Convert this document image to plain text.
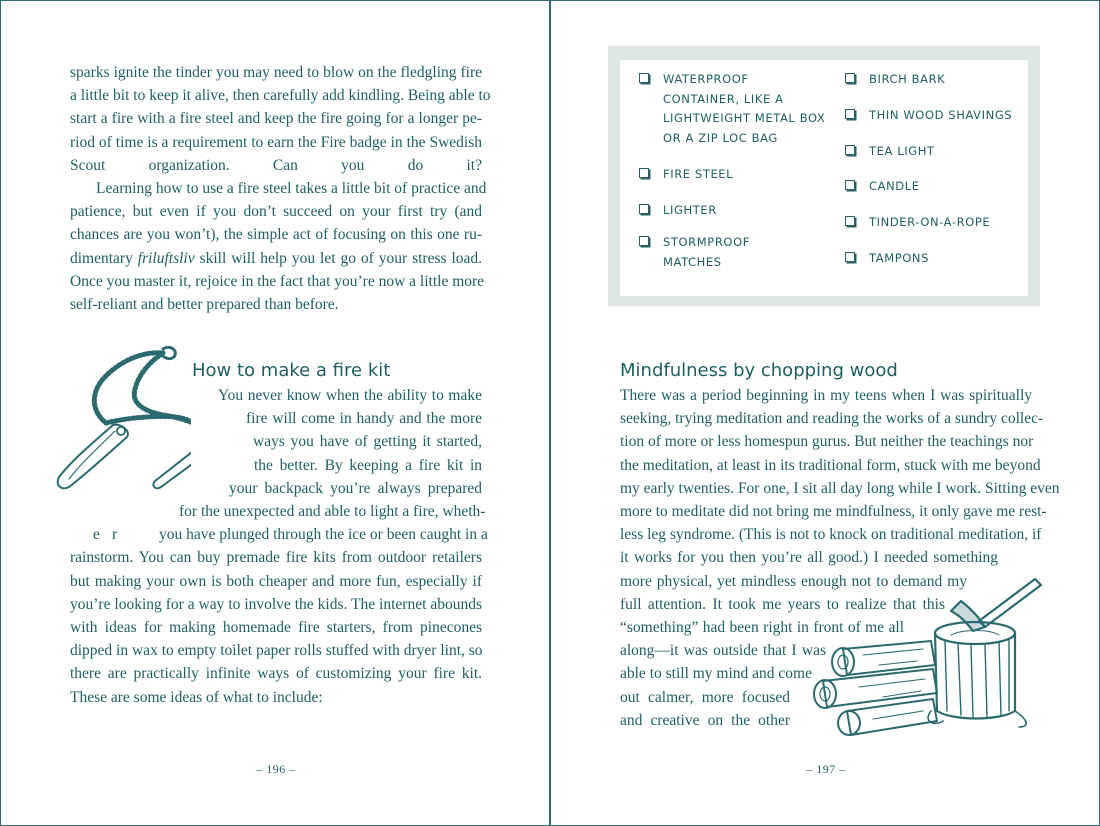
sparks ignite the tinder you may need to blow on the fledgling fire
a little bit to keep it alive, then carefully add kindling. Being able to
start a fire with a fire steel and keep the fire going for a longer pe-
riod of time is a requirement to earn the Fire badge in the Swedish
Scout organization. Can you do it?
Learning how to use a fire steel takes a little bit of practice and
patience, but even if you don’t succeed on your first try (and
chances are you won’t), the simple act of focusing on this one ru-
dimentary friluftsliv skill will help you let go of your stress load.
Once you master it, rejoice in the fact that you’re now a little more
self-reliant and better prepared than before.
How to make a fire kit
You never know when the ability to make
fire will come in handy and the more
ways you have of getting it started,
the better. By keeping a fire kit in
your backpack you’re always prepared
for the unexpected and able to light a fire, wheth-
e r	you have plunged through the ice or been caught in a
rainstorm. You can buy premade fire kits from outdoor retailers
but making your own is both cheaper and more fun, especially if
you’re looking for a way to involve the kids. The internet abounds
with ideas for making homemade fire starters, from pinecones
dipped in wax to empty toilet paper rolls stuffed with dryer lint, so
there are practically infinite ways of customizing your fire kit.
These are some ideas of what to include:
– 196 –
WATERPROOF
CONTAINER, LIKE A
LIGHTWEIGHT METAL BOX
OR A ZIP LOC BAG
FIRE STEEL
LIGHTER
STORMPROOF
MATCHES
BIRCH BARK
THIN WOOD SHAVINGS
TEA LIGHT
CANDLE
TINDER-ON-A-ROPE
TAMPONS
Mindfulness by chopping wood
There was a period beginning in my teens when I was spiritually
seeking, trying meditation and reading the works of a sundry collec-
tion of more or less homespun gurus. But neither the teachings nor
the meditation, at least in its traditional form, stuck with me beyond
my early twenties. For one, I sit all day long while I work. Sitting even
more to meditate did not bring me mindfulness, it only gave me rest-
less leg syndrome. (This is not to knock on traditional meditation, if
it works for you then you’re all good.) I needed something
more physical, yet mindless enough not to demand my
full attention. It took me years to realize that this
“something” had been right in front of me all
along—it was outside that I was
able to still my mind and come
out calmer, more focused
and creative on the other
– 197 –
